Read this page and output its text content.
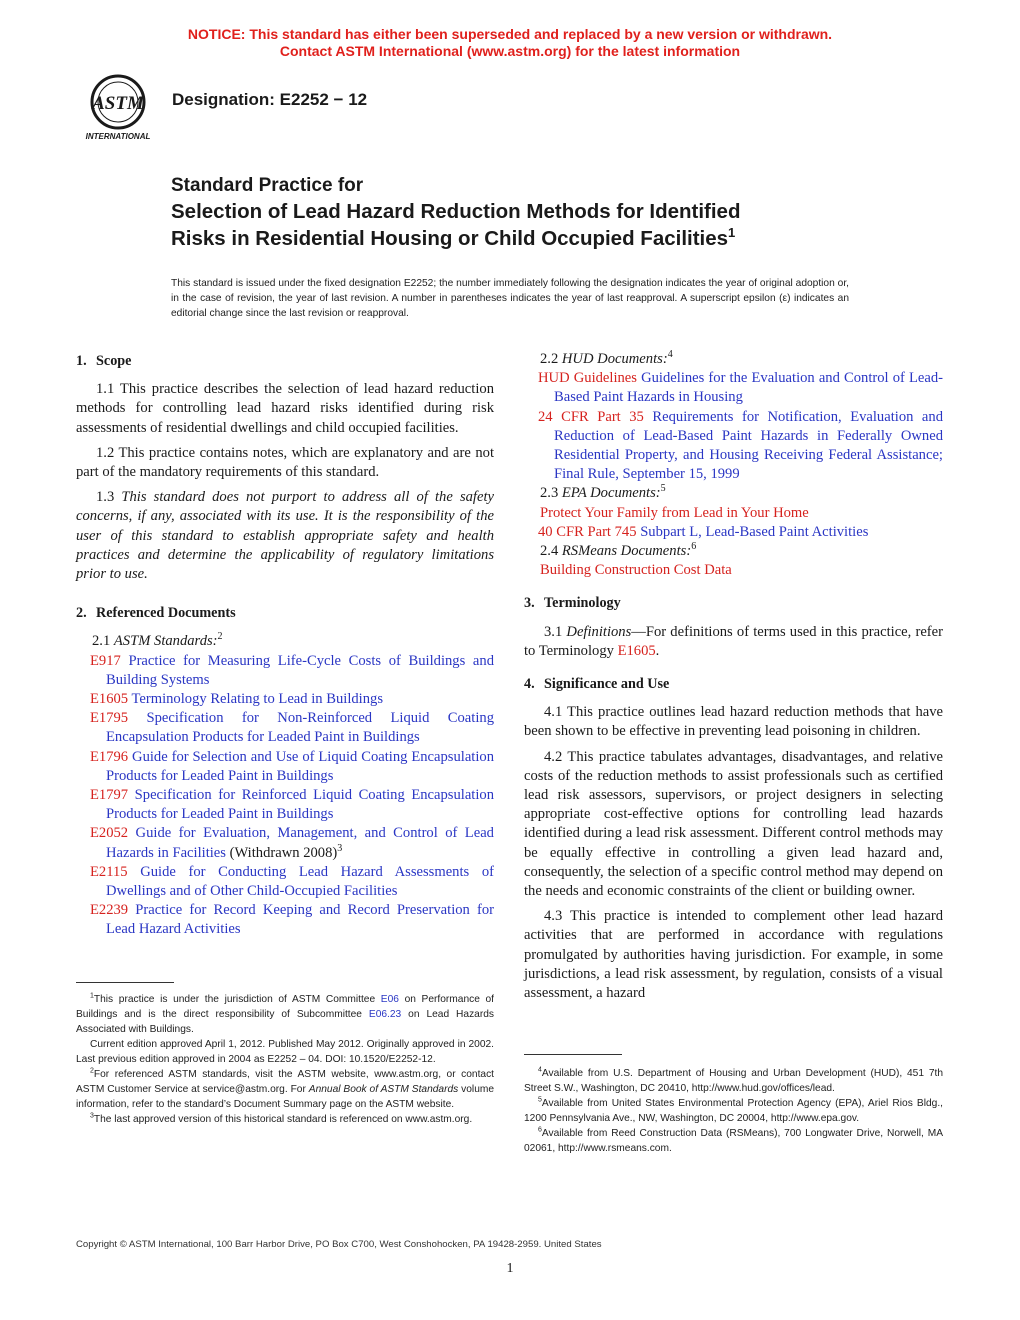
NOTICE: This standard has either been superseded and replaced by a new version or withdrawn.
Contact ASTM International (www.astm.org) for the latest information
ASTM
INTERNATIONAL
Designation: E2252 − 12
Standard Practice for
Selection of Lead Hazard Reduction Methods for Identified
Risks in Residential Housing or Child Occupied Facilities$^1$
This standard is issued under the fixed designation E2252; the number immediately following the designation indicates the year of original adoption or, in the case of revision, the year of last revision. A number in parentheses indicates the year of last reapproval. A superscript epsilon (ε) indicates an editorial change since the last revision or reapproval.
1. Scope

1.1 This practice describes the selection of lead hazard reduction methods for controlling lead hazard risks identified during risk assessments of residential dwellings and child occupied facilities.

1.2 This practice contains notes, which are explanatory and are not part of the mandatory requirements of this standard.

1.3 This standard does not purport to address all of the safety concerns, if any, associated with its use. It is the responsibility of the user of this standard to establish appropriate safety and health practices and determine the applicability of regulatory limitations prior to use.

2. Referenced Documents
2.1 ASTM Standards:$^2$
E917 Practice for Measuring Life-Cycle Costs of Buildings and Building Systems
E1605 Terminology Relating to Lead in Buildings
E1795 Specification for Non-Reinforced Liquid Coating Encapsulation Products for Leaded Paint in Buildings
E1796 Guide for Selection and Use of Liquid Coating Encapsulation Products for Leaded Paint in Buildings
E1797 Specification for Reinforced Liquid Coating Encapsulation Products for Leaded Paint in Buildings
E2052 Guide for Evaluation, Management, and Control of Lead Hazards in Facilities (Withdrawn 2008)$^3$
E2115 Guide for Conducting Lead Hazard Assessments of Dwellings and of Other Child-Occupied Facilities
E2239 Practice for Record Keeping and Record Preservation for Lead Hazard Activities
2.2 HUD Documents:$^4$
HUD Guidelines Guidelines for the Evaluation and Control of Lead-Based Paint Hazards in Housing
24 CFR Part 35 Requirements for Notification, Evaluation and Reduction of Lead-Based Paint Hazards in Federally Owned Residential Property, and Housing Receiving Federal Assistance; Final Rule, September 15, 1999
2.3 EPA Documents:$^5$
Protect Your Family from Lead in Your Home
40 CFR Part 745 Subpart L, Lead-Based Paint Activities
2.4 RSMeans Documents:$^6$
Building Construction Cost Data
3. Terminology

3.1 Definitions—For definitions of terms used in this practice, refer to Terminology E1605.

4. Significance and Use

4.1 This practice outlines lead hazard reduction methods that have been shown to be effective in preventing lead poisoning in children.

4.2 This practice tabulates advantages, disadvantages, and relative costs of the reduction methods to assist professionals such as certified lead risk assessors, supervisors, or project designers in selecting appropriate cost-effective options for controlling lead hazards identified during a lead risk assessment. Different control methods may be equally effective in controlling a given lead hazard and, consequently, the selection of a specific control method may depend on the needs and economic constraints of the client or building owner.

4.3 This practice is intended to complement other lead hazard activities that are performed in accordance with regulations promulgated by authorities having jurisdiction. For example, in some jurisdictions, a lead risk assessment, by regulation, consists of a visual assessment, a hazard

$^1$This practice is under the jurisdiction of ASTM Committee E06 on Performance of Buildings and is the direct responsibility of Subcommittee E06.23 on Lead Hazards Associated with Buildings.

Current edition approved April 1, 2012. Published May 2012. Originally approved in 2002. Last previous edition approved in 2004 as E2252 – 04. DOI: 10.1520/E2252-12.

$^2$For referenced ASTM standards, visit the ASTM website, www.astm.org, or contact ASTM Customer Service at service@astm.org. For Annual Book of ASTM Standards volume information, refer to the standard’s Document Summary page on the ASTM website.

$^3$The last approved version of this historical standard is referenced on www.astm.org.

$^4$Available from U.S. Department of Housing and Urban Development (HUD), 451 7th Street S.W., Washington, DC 20410, http://www.hud.gov/offices/lead.

$^5$Available from United States Environmental Protection Agency (EPA), Ariel Rios Bldg., 1200 Pennsylvania Ave., NW, Washington, DC 20004, http://www.epa.gov.

$^6$Available from Reed Construction Data (RSMeans), 700 Longwater Drive, Norwell, MA 02061, http://www.rsmeans.com.

Copyright © ASTM International, 100 Barr Harbor Drive, PO Box C700, West Conshohocken, PA 19428-2959. United States
1
